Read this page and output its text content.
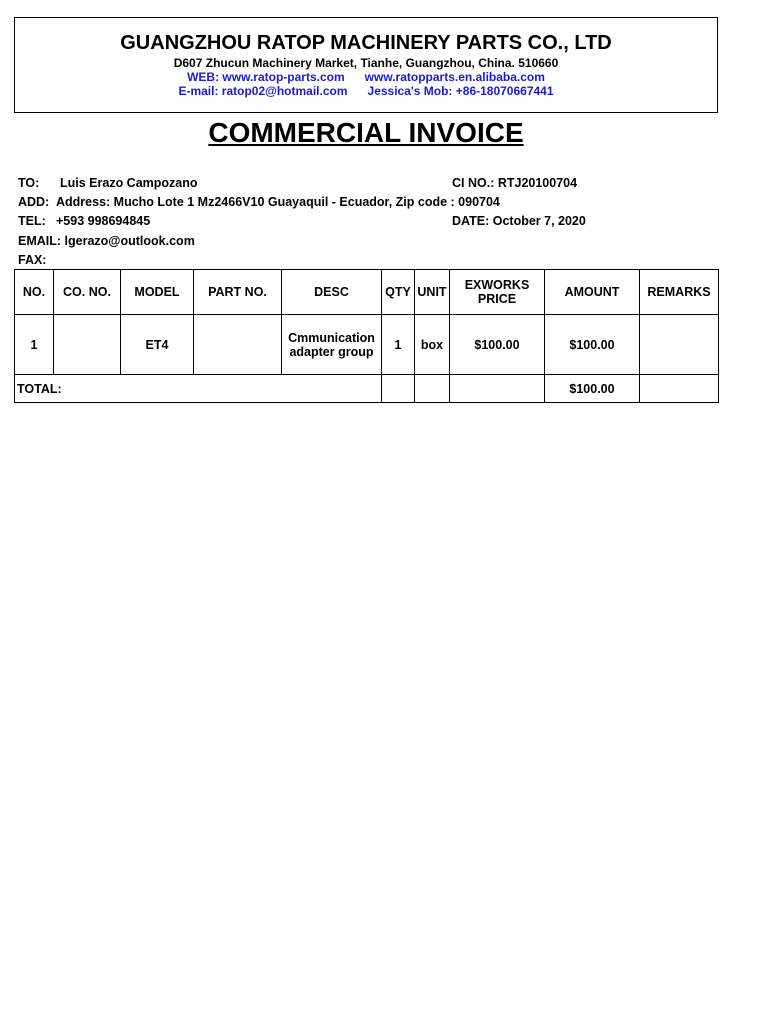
GUANGZHOU RATOP MACHINERY PARTS CO., LTD
D607 Zhucun Machinery Market, Tianhe, Guangzhou, China. 510660
WEB: www.ratop-parts.com www.ratopparts.en.alibaba.com
E-mail: ratop02@hotmail.com Jessica's Mob: +86-18070667441
COMMERCIAL INVOICE
TO: Luis Erazo Campozano	CI NO.: RTJ20100704
ADD: Address: Mucho Lote 1 Mz2466V10 Guayaquil - Ecuador, Zip code : 090704
TEL: +593 998694845	DATE: October 7, 2020
EMAIL: lgerazo@outlook.com
FAX:
NO.	CO. NO.	MODEL	PART NO.	DESC	QTY	UNIT	EXWORKS
PRICE	AMOUNT	REMARKS
1		ET4		Cmmunication
adapter group	1	box	$100.00	$100.00	
TOTAL:								$100.00	
